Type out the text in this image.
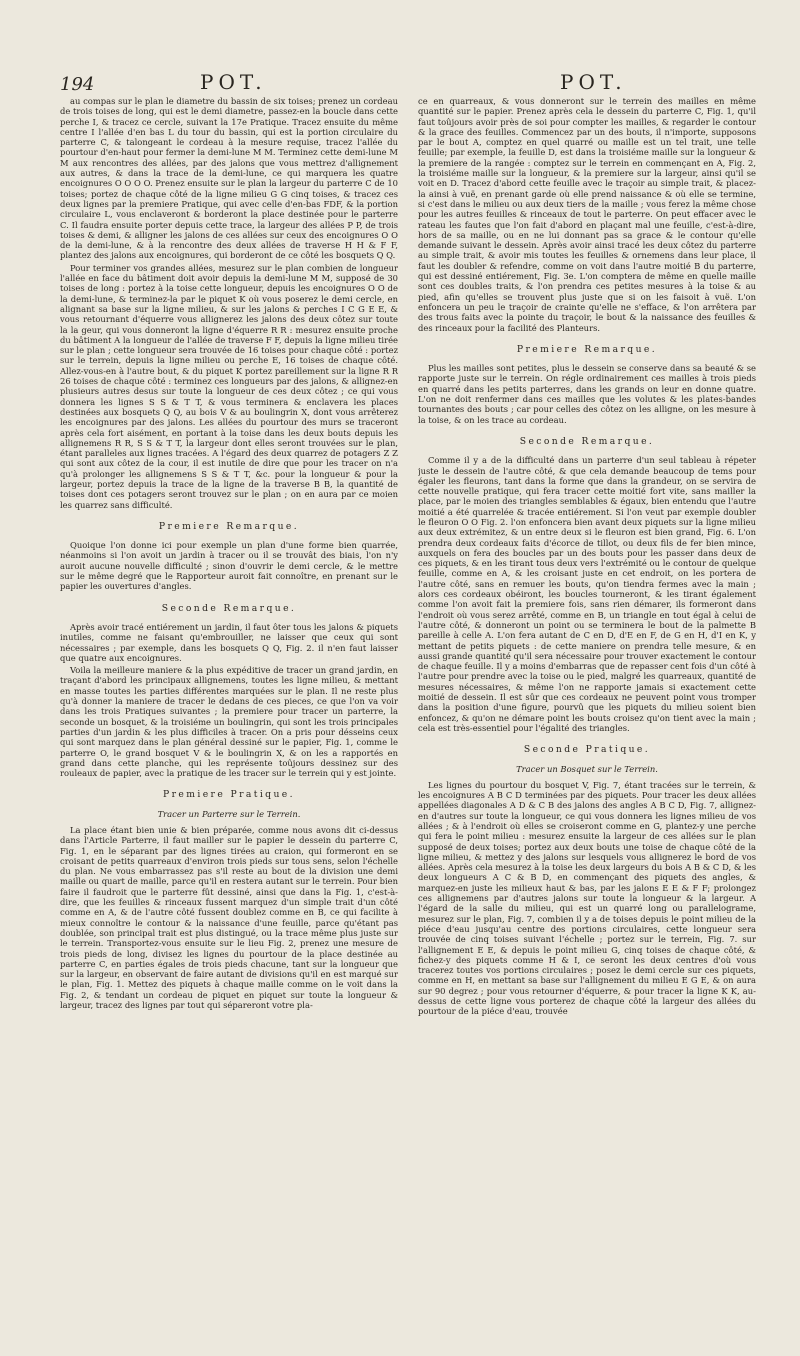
194	POT.	POT.

au compas sur le plan le diametre du bassin de six toises; prenez un cordeau de trois toises de long, qui est le demi diametre, passez-en la boucle dans cette perche I, & tracez ce cercle, suivant la 17e Pratique. Tracez ensuite du même centre I l'allée d'en bas L du tour du bassin, qui est la portion circulaire du parterre C, & talongeant le cordeau à la mesure requise, tracez l'allée du pourtour d'en-haut pour fermer la demi-lune M M. Terminez cette demi-lune M M aux rencontres des allées, par des jalons que vous mettrez d'allignement aux autres, & dans la trace de la demi-lune, ce qui marquera les quatre encoignures O O O O. Prenez ensuite sur le plan la largeur du parterre C de 10 toises; portez de chaque côté de la ligne milieu G G cinq toises, & tracez ces deux lignes par la premiere Pratique, qui avec celle d'en-bas FDF, & la portion circulaire L, vous enclaveront & borderont la place destinée pour le parterre C. Il faudra ensuite porter depuis cette trace, la largeur des allées P P, de trois toises & demi, & alligner les jalons de ces allées sur ceux des encoignures O O de la demi-lune, & à la rencontre des deux allées de traverse H H & F F, plantez des jalons aux encoignures, qui borderont de ce côté les bosquets Q Q.

Pour terminer vos grandes allées, mesurez sur le plan combien de longueur l'allée en face du bâtiment doit avoir depuis la demi-lune M M, supposé de 30 toises de long : portez à la toise cette longueur, depuis les encoignures O O de la demi-lune, & terminez-la par le piquet K où vous poserez le demi cercle, en alignant sa base sur la ligne milieu, & sur les jalons & perches I C G E E, & vous retournant d'équerre vous allignerez les jalons des deux côtez sur toute la la geur, qui vous donneront la ligne d'équerre R R : mesurez ensuite proche du bâtiment A la longueur de l'allée de traverse F F, depuis la ligne milieu tirée sur le plan ; cette longueur sera trouvée de 16 toises pour chaque côté : portez sur le terrein, depuis la ligne milieu ou perche E, 16 toises de chaque côté. Allez-vous-en à l'autre bout, & du piquet K portez pareillement sur la ligne R R 26 toises de chaque côté : terminez ces longueurs par des jalons, & allignez-en plusieurs autres desus sur toute la longueur de ces deux côtez ; ce qui vous donnera les lignes S S & T T, & vous terminera & enclavera les places destinées aux bosquets Q Q, au bois V & au boulingrin X, dont vous arrêterez les encoignures par des jalons. Les allées du pourtour des murs se traceront après cela fort aisément, en portant à la toise dans les deux bouts depuis les allignemens R R, S S & T T, la largeur dont elles seront trouvées sur le plan, étant paralleles aux lignes tracées. A l'égard des deux quarrez de potagers Z Z qui sont aux côtez de la cour, il est inutile de dire que pour les tracer on n'a qu'à prolonger les allignemens S S & T T, &c. pour la longueur & pour la largeur, portez depuis la trace de la ligne de la traverse B B, la quantité de toises dont ces potagers seront trouvez sur le plan ; on en aura par ce moien les quarrez sans difficulté.

Premiere Remarque.

Quoique l'on donne ici pour exemple un plan d'une forme bien quarrée, néanmoins si l'on avoit un jardin à tracer ou il se trouvât des biais, l'on n'y auroit aucune nouvelle difficulté ; sinon d'ouvrir le demi cercle, & le mettre sur le même degré que le Rapporteur auroit fait connoître, en prenant sur le papier les ouvertures d'angles.

Seconde Remarque.

Après avoir tracé entiérement un jardin, il faut ôter tous les jalons & piquets inutiles, comme ne faisant qu'embrouiller, ne laisser que ceux qui sont nécessaires ; par exemple, dans les bosquets Q Q, Fig. 2. il n'en faut laisser que quatre aux encoignures.

Voila la meilleure maniere & la plus expéditive de tracer un grand jardin, en traçant d'abord les principaux allignemens, toutes les ligne milieu, & mettant en masse toutes les parties différentes marquées sur le plan. Il ne reste plus qu'à donner la maniere de tracer le dedans de ces pieces, ce que l'on va voir dans les trois Pratiques suivantes ; la premiere pour tracer un parterre, la seconde un bosquet, & la troisiéme un boulingrin, qui sont les trois principales parties d'un jardin & les plus difficiles à tracer. On a pris pour désseins ceux qui sont marquez dans le plan général dessiné sur le papier, Fig. 1, comme le parterre O, le grand bosquet V & le boulingrin X, & on les a rapportés en grand dans cette planche, qui les représente toûjours dessinez sur des rouleaux de papier, avec la pratique de les tracer sur le terrein qui y est jointe.

Premiere Pratique.

Tracer un Parterre sur le Terrein.

La place étant bien unie & bien préparée, comme nous avons dit ci-dessus dans l'Article Parterre, il faut mailler sur le papier le dessein du parterre C, Fig. 1, en le séparant par des lignes tirées au craion, qui formeront en se croisant de petits quarreaux d'environ trois pieds sur tous sens, selon l'échelle du plan. Ne vous embarrassez pas s'il reste au bout de la division une demi maille ou quart de maille, parce qu'il en restera autant sur le terrein. Pour bien faire il faudroit que le parterre fût dessiné, ainsi que dans la Fig. 1, c'est-à-dire, que les feuilles & rinceaux fussent marquez d'un simple trait d'un côté comme en A, & de l'autre côté fussent doublez comme en B, ce qui facilite à mieux connoître le contour & la naissance d'une feuille, parce qu'étant pas doublée, son principal trait est plus distingué, ou la trace même plus juste sur le terrein. Transportez-vous ensuite sur le lieu Fig. 2, prenez une mesure de trois pieds de long, divisez les lignes du pourtour de la place destinée au parterre C, en parties égales de trois pieds chacune, tant sur la longueur que sur la largeur, en observant de faire autant de divisions qu'il en est marqué sur le plan, Fig. 1. Mettez des piquets à chaque maille comme on le voit dans la Fig. 2, & tendant un cordeau de piquet en piquet sur toute la longueur & largeur, tracez des lignes par tout qui sépareront votre pla-

ce en quarreaux, & vous donneront sur le terrein des mailles en même quantité sur le papier. Prenez après cela le dessein du parterre C, Fig. 1, qu'il faut toûjours avoir près de soi pour compter les mailles, & regarder le contour & la grace des feuilles. Commencez par un des bouts, il n'importe, supposons par le bout A, comptez en quel quarré ou maille est un tel trait, une telle feuille; par exemple, la feuille D, est dans la troisiéme maille sur la longueur & la premiere de la rangée : comptez sur le terrein en commençant en A, Fig. 2, la troisiéme maille sur la longueur, & la premiere sur la largeur, ainsi qu'il se voit en D. Tracez d'abord cette feuille avec le traçoir au simple trait, & placez-la ainsi à vuë, en prenant garde où elle prend naissance & où elle se termine, si c'est dans le milieu ou aux deux tiers de la maille ; vous ferez la même chose pour les autres feuilles & rinceaux de tout le parterre. On peut effacer avec le rateau les fautes que l'on fait d'abord en plaçant mal une feuille, c'est-à-dire, hors de sa maille, ou en ne lui donnant pas sa grace & le contour qu'elle demande suivant le dessein. Après avoir ainsi tracé les deux côtez du parterre au simple trait, & avoir mis toutes les feuilles & ornemens dans leur place, il faut les doubler & refendre, comme on voit dans l'autre moitié B du parterre, qui est dessiné entiérement, Fig. 3e. L'on comptera de même en quelle maille sont ces doubles traits, & l'on prendra ces petites mesures à la toise & au pied, afin qu'elles se trouvent plus juste que si on les faisoit à vuë. L'on enfoncera un peu le traçoir de crainte qu'elle ne s'efface, & l'on arrêtera par des trous faits avec la pointe du traçoir, le bout & la naissance des feuilles & des rinceaux pour la facilité des Planteurs.

Premiere Remarque.

Plus les mailles sont petites, plus le dessein se conserve dans sa beauté & se rapporte juste sur le terrein. On régle ordinairement ces mailles à trois pieds en quarré dans les petits parterres, dans les grands on leur en donne quatre. L'on ne doit renfermer dans ces mailles que les volutes & les plates-bandes tournantes des bouts ; car pour celles des côtez on les alligne, on les mesure à la toise, & on les trace au cordeau.

Seconde Remarque.

Comme il y a de la difficulté dans un parterre d'un seul tableau à répeter juste le dessein de l'autre côté, & que cela demande beaucoup de tems pour égaler les fleurons, tant dans la forme que dans la grandeur, on se servira de cette nouvelle pratique, qui fera tracer cette moitié fort vite, sans mailler la place, par le moien des triangles semblables & égaux, bien entendu que l'autre moitié a été quarrelée & tracée entiérement. Si l'on veut par exemple doubler le fleuron O O Fig. 2. l'on enfoncera bien avant deux piquets sur la ligne milieu aux deux extrémitez, & un entre deux si le fleuron est bien grand, Fig. 6. L'on prendra deux cordeaux faits d'écorce de tillot, ou deux fils de fer bien mince, auxquels on fera des boucles par un des bouts pour les passer dans deux de ces piquets, & en les tirant tous deux vers l'extrémité ou le contour de quelque feuille, comme en A, & les croisant juste en cet endroit, on les portera de l'autre côté, sans en remuer les bouts, qu'on tiendra fermes avec la main ; alors ces cordeaux obéiront, les boucles tourneront, & les tirant également comme l'on avoit fait la premiere fois, sans rien démarer, ils formeront dans l'endroit où vous serez arrêté, comme en B, un triangle en tout égal à celui de l'autre côté, & donneront un point ou se terminera le bout de la palmette B pareille à celle A. L'on fera autant de C en D, d'E en F, de G en H, d'I en K, y mettant de petits piquets : de cette maniere on prendra telle mesure, & en aussi grande quantité qu'il sera nécessaire pour trouver exactement le contour de chaque feuille. Il y a moins d'embarras que de repasser cent fois d'un côté à l'autre pour prendre avec la toise ou le pied, malgré les quarreaux, quantité de mesures nécessaires, & même l'on ne rapporte jamais si exactement cette moitié de dessein. Il est sûr que ces cordeaux ne peuvent point vous tromper dans la position d'une figure, pourvû que les piquets du milieu soient bien enfoncez, & qu'on ne démare point les bouts croisez qu'on tient avec la main ; cela est très-essentiel pour l'égalité des triangles.

Seconde Pratique.

Tracer un Bosquet sur le Terrein.

Les lignes du pourtour du bosquet V, Fig. 7, étant tracées sur le terrein, & les encoignures A B C D terminées par des piquets. Pour tracer les deux allées appellées diagonales A D & C B des jalons des angles A B C D, Fig. 7, allignez-en d'autres sur toute la longueur, ce qui vous donnera les lignes milieu de vos allées ; & à l'endroit où elles se croiseront comme en G, plantez-y une perche qui fera le point milieu : mesurez ensuite la largeur de ces allées sur le plan supposé de deux toises; portez aux deux bouts une toise de chaque côté de la ligne milieu, & mettez y des jalons sur lesquels vous allignerez le bord de vos allées. Après cela mesurez à la toise les deux largeurs du bois A B & C D, & les deux longueurs A C & B D, en commençant des piquets des angles, & marquez-en juste les milieux haut & bas, par les jalons E E & F F; prolongez ces allignemens par d'autres jalons sur toute la longueur & la largeur. A l'égard de la salle du milieu, qui est un quarré long ou parallelograme, mesurez sur le plan, Fig. 7, combien il y a de toises depuis le point milieu de la piéce d'eau jusqu'au centre des portions circulaires, cette longueur sera trouvée de cinq toises suivant l'échelle ; portez sur le terrein, Fig. 7. sur l'allignement E E, & depuis le point milieu G, cinq toises de chaque côté, & fichez-y des piquets comme H & I, ce seront les deux centres d'où vous tracerez toutes vos portions circulaires ; posez le demi cercle sur ces piquets, comme en H, en mettant sa base sur l'allignement du milieu E G E, & on aura sur 90 degrez ; pour vous retourner d'équerre, & pour tracer la ligne K K, au-dessus de cette ligne vous porterez de chaque côté la largeur des allées du pourtour de la piéce d'eau, trouvée
